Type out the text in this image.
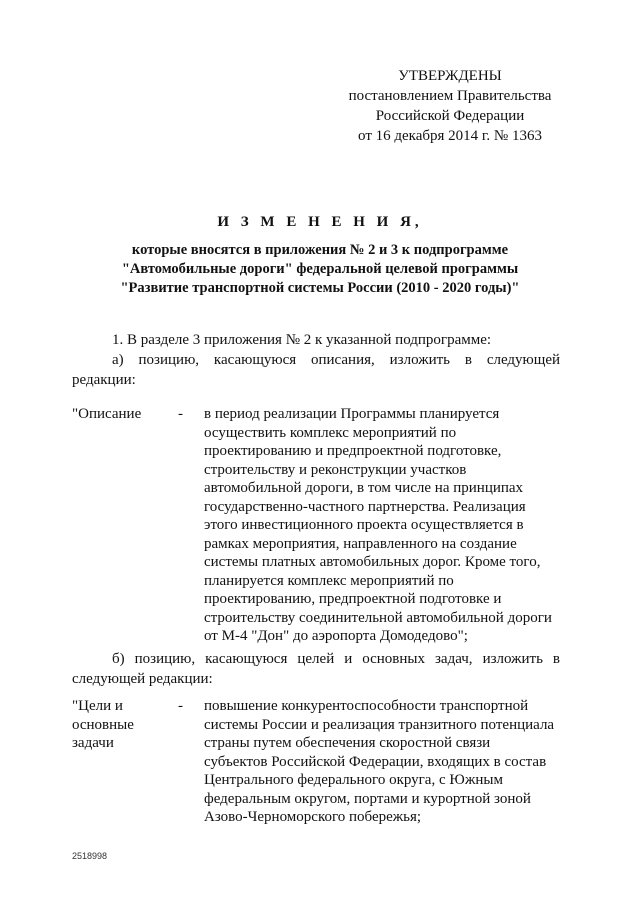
УТВЕРЖДЕНЫ
постановлением Правительства
Российской Федерации
от 16 декабря 2014 г. № 1363
И З М Е Н Е Н И Я,
которые вносятся в приложения № 2 и 3 к подпрограмме
"Автомобильные дороги" федеральной целевой программы
"Развитие транспортной системы России (2010 - 2020 годы)"
1. В разделе 3 приложения № 2 к указанной подпрограмме:
а) позицию, касающуюся описания, изложить в следующей
редакции:
"Описание	- в период реализации Программы планируется
осуществить комплекс мероприятий по
проектированию и предпроектной подготовке,
строительству и реконструкции участков
автомобильной дороги, в том числе на принципах
государственно-частного партнерства. Реализация
этого инвестиционного проекта осуществляется в
рамках мероприятия, направленного на создание
системы платных автомобильных дорог. Кроме того,
планируется комплекс мероприятий по
проектированию, предпроектной подготовке и
строительству соединительной автомобильной дороги
от М-4 "Дон" до аэропорта Домодедово";
б) позицию, касающуюся целей и основных задач, изложить в
следующей редакции:
"Цели и
основные
задачи
- повышение конкурентоспособности транспортной
системы России и реализация транзитного потенциала
страны путем обеспечения скоростной связи
субъектов Российской Федерации, входящих в состав
Центрального федерального округа, с Южным
федеральным округом, портами и курортной зоной
Азово-Черноморского побережья;
2518998
